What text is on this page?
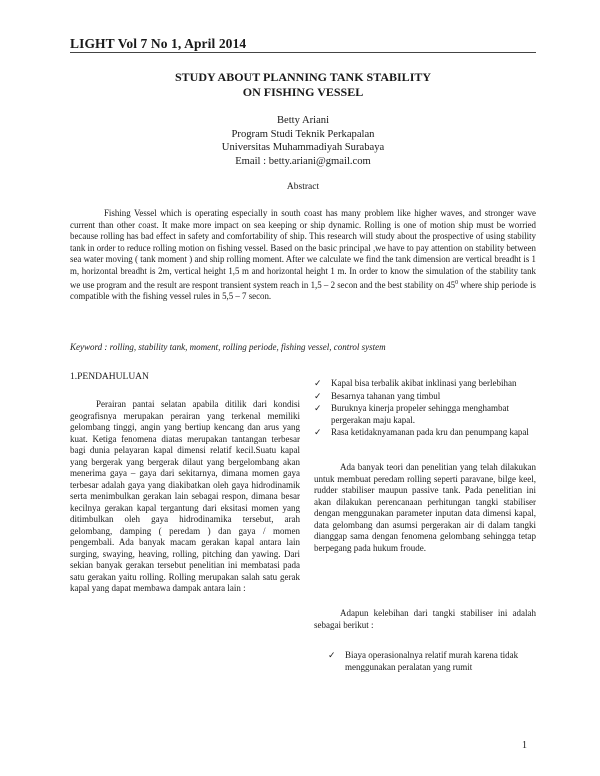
LIGHT Vol 7 No 1, April 2014
STUDY ABOUT PLANNING TANK STABILITY
ON FISHING VESSEL
Betty Ariani
Program Studi Teknik Perkapalan
Universitas Muhammadiyah Surabaya
Email : betty.ariani@gmail.com
Abstract
Fishing Vessel which is operating especially in south coast has many problem like higher waves, and stronger wave current than other coast. It make more impact on sea keeping or ship dynamic. Rolling is one of motion ship must be worried because rolling has bad effect in safety and comfortability of ship. This research will study about the prospective of using stability tank in order to reduce rolling motion on fishing vessel. Based on the basic principal ,we have to pay attention on stability between sea water moving ( tank moment ) and ship rolling moment. After we calculate we find the tank dimension are vertical breadht is 1 m, horizontal breadht is 2m, vertical height 1,5 m and horizontal height 1 m. In order to know the simulation of the stability tank we use program and the result are respont transient system reach in 1,5 – 2 secon and the best stability on $45^0$ where ship periode is compatible with the fishing vessel rules in 5,5 – 7 secon.
Keyword : rolling, stability tank, moment, rolling periode, fishing vessel, control system
1.PENDAHULUAN
Perairan pantai selatan apabila ditilik dari kondisi geografisnya merupakan perairan yang terkenal memiliki gelombang tinggi, angin yang bertiup kencang dan arus yang kuat. Ketiga fenomena diatas merupakan tantangan terbesar bagi dunia pelayaran kapal dimensi relatif kecil.Suatu kapal yang bergerak yang bergerak dilaut yang bergelombang akan menerima gaya – gaya dari sekitarnya, dimana momen gaya terbesar adalah gaya yang diakibatkan oleh gaya hidrodinamik serta menimbulkan gerakan lain sebagai respon, dimana besar kecilnya gerakan kapal tergantung dari eksitasi momen yang ditimbulkan oleh gaya hidrodinamika tersebut, arah gelombang, damping ( peredam ) dan gaya / momen pengembali. Ada banyak macam gerakan kapal antara lain surging, swaying, heaving, rolling, pitching dan yawing. Dari sekian banyak gerakan tersebut penelitian ini membatasi pada satu gerakan yaitu rolling. Rolling merupakan salah satu gerak kapal yang dapat membawa dampak antara lain :
✓ Kapal bisa terbalik akibat inklinasi yang berlebihan
✓ Besarnya tahanan yang timbul
✓ Buruknya kinerja propeler sehingga menghambat pergerakan maju kapal.
✓ Rasa ketidaknyamanan pada kru dan penumpang kapal
Ada banyak teori dan penelitian yang telah dilakukan untuk membuat peredam rolling seperti paravane, bilge keel, rudder stabiliser maupun passive tank. Pada penelitian ini akan dilakukan perencanaan perhitungan tangki stabiliser dengan menggunakan parameter inputan data dimensi kapal, data gelombang dan asumsi pergerakan air di dalam tangki dianggap sama dengan fenomena gelombang sehingga tetap berpegang pada hukum froude.
Adapun kelebihan dari tangki stabiliser ini adalah sebagai berikut :
✓ Biaya operasionalnya relatif murah karena tidak menggunakan peralatan yang rumit
1
